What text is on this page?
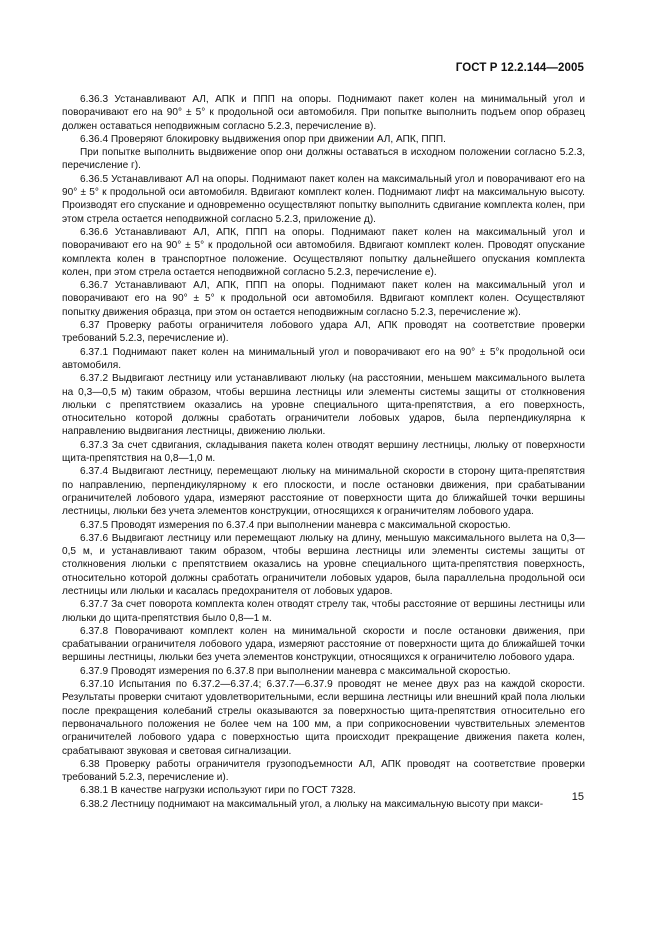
ГОСТ Р 12.2.144—2005

6.36.3 Устанавливают АЛ, АПК и ППП на опоры. Поднимают пакет колен на минимальный угол и поворачивают его на 90° ± 5° к продольной оси автомобиля. При попытке выполнить подъем опор образец должен оставаться неподвижным согласно 5.2.3, перечисление в).

6.36.4 Проверяют блокировку выдвижения опор при движении АЛ, АПК, ППП.

При попытке выполнить выдвижение опор они должны оставаться в исходном положении согласно 5.2.3, перечисление г).

6.36.5 Устанавливают АЛ на опоры. Поднимают пакет колен на максимальный угол и поворачивают его на 90° ± 5° к продольной оси автомобиля. Вдвигают комплект колен. Поднимают лифт на максимальную высоту. Производят его спускание и одновременно осуществляют попытку выполнить сдвигание комплекта колен, при этом стрела остается неподвижной согласно 5.2.3, приложение д).

6.36.6 Устанавливают АЛ, АПК, ППП на опоры. Поднимают пакет колен на максимальный угол и поворачивают его на 90° ± 5° к продольной оси автомобиля. Вдвигают комплект колен. Проводят опускание комплекта колен в транспортное положение. Осуществляют попытку дальнейшего опускания комплекта колен, при этом стрела остается неподвижной согласно 5.2.3, перечисление е).

6.36.7 Устанавливают АЛ, АПК, ППП на опоры. Поднимают пакет колен на максимальный угол и поворачивают его на 90° ± 5° к продольной оси автомобиля. Вдвигают комплект колен. Осуществляют попытку движения образца, при этом он остается неподвижным согласно 5.2.3, перечисление ж).

6.37 Проверку работы ограничителя лобового удара АЛ, АПК проводят на соответствие проверки требований 5.2.3, перечисление и).

6.37.1 Поднимают пакет колен на минимальный угол и поворачивают его на 90° ± 5°к продольной оси автомобиля.

6.37.2 Выдвигают лестницу или устанавливают люльку (на расстоянии, меньшем максимального вылета на 0,3—0,5 м) таким образом, чтобы вершина лестницы или элементы системы защиты от столкновения люльки с препятствием оказались на уровне специального щита-препятствия, а его поверхность, относительно которой должны сработать ограничители лобовых ударов, была перпендикулярна к направлению выдвигания лестницы, движению люльки.

6.37.3 За счет сдвигания, складывания пакета колен отводят вершину лестницы, люльку от поверхности щита-препятствия на 0,8—1,0 м.

6.37.4 Выдвигают лестницу, перемещают люльку на минимальной скорости в сторону щита-препятствия по направлению, перпендикулярному к его плоскости, и после остановки движения, при срабатывании ограничителей лобового удара, измеряют расстояние от поверхности щита до ближайшей точки вершины лестницы, люльки без учета элементов конструкции, относящихся к ограничителям лобового удара.

6.37.5 Проводят измерения по 6.37.4 при выполнении маневра с максимальной скоростью.

6.37.6 Выдвигают лестницу или перемещают люльку на длину, меньшую максимального вылета на 0,3—0,5 м, и устанавливают таким образом, чтобы вершина лестницы или элементы системы защиты от столкновения люльки с препятствием оказались на уровне специального щита-препятствия поверхность, относительно которой должны сработать ограничители лобовых ударов, была параллельна продольной оси лестницы или люльки и касалась предохранителя от лобовых ударов.

6.37.7 За счет поворота комплекта колен отводят стрелу так, чтобы расстояние от вершины лестницы или люльки до щита-препятствия было 0,8—1 м.

6.37.8 Поворачивают комплект колен на минимальной скорости и после остановки движения, при срабатывании ограничителя лобового удара, измеряют расстояние от поверхности щита до ближайшей точки вершины лестницы, люльки без учета элементов конструкции, относящихся к ограничителю лобового удара.

6.37.9 Проводят измерения по 6.37.8 при выполнении маневра с максимальной скоростью.

6.37.10 Испытания по 6.37.2—6.37.4; 6.37.7—6.37.9 проводят не менее двух раз на каждой скорости. Результаты проверки считают удовлетворительными, если вершина лестницы или внешний край пола люльки после прекращения колебаний стрелы оказываются за поверхностью щита-препятствия относительно его первоначального положения не более чем на 100 мм, а при соприкосновении чувствительных элементов ограничителей лобового удара с поверхностью щита происходит прекращение движения пакета колен, срабатывают звуковая и световая сигнализации.

6.38 Проверку работы ограничителя грузоподъемности АЛ, АПК проводят на соответствие проверки требований 5.2.3, перечисление и).

6.38.1 В качестве нагрузки используют гири по ГОСТ 7328.

6.38.2 Лестницу поднимают на максимальный угол, а люльку на максимальную высоту при макси-

15
